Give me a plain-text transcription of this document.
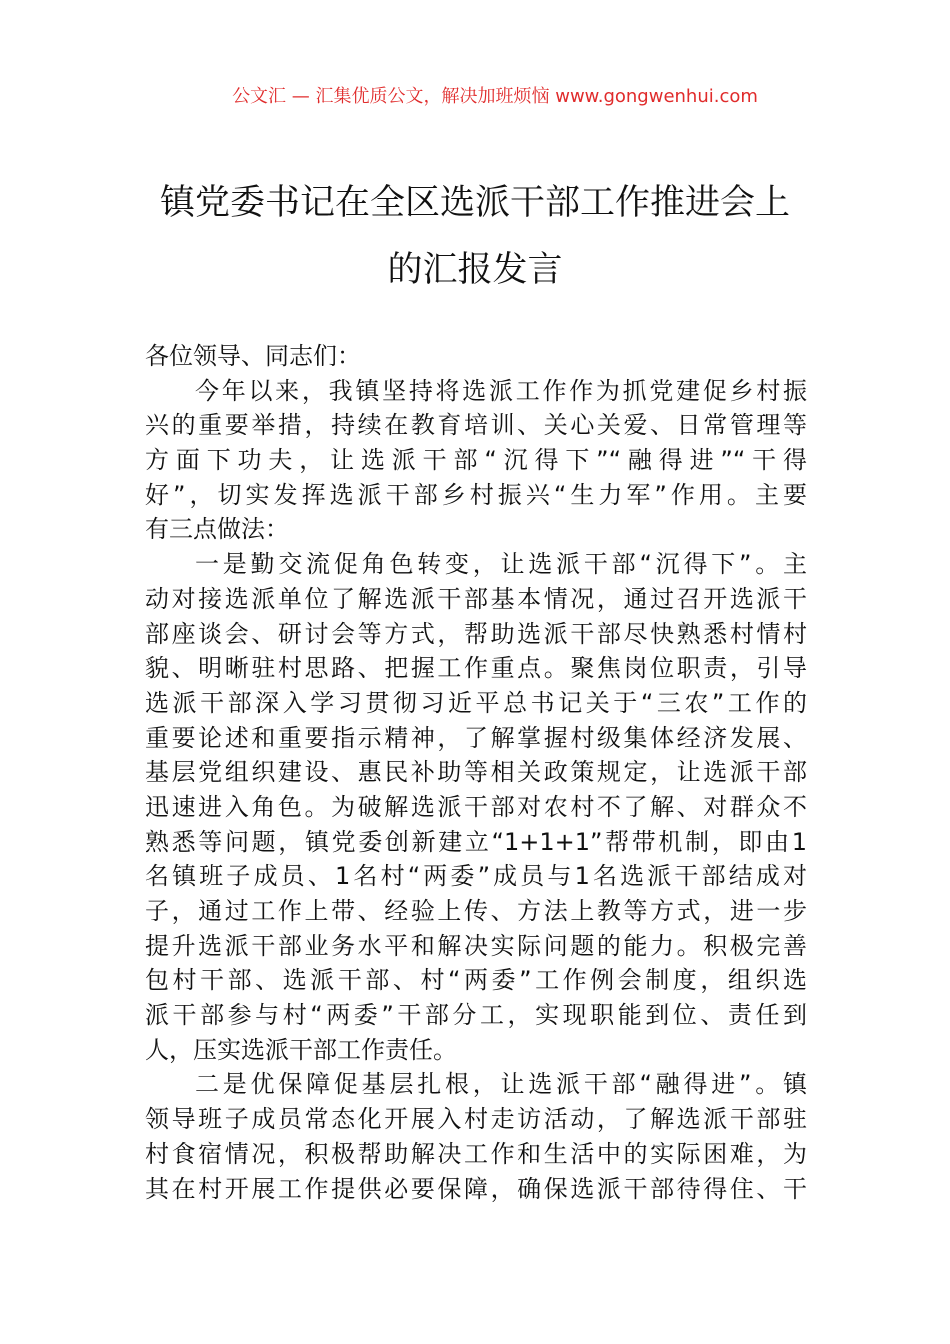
公文汇 — 汇集优质公文，解决加班烦恼 www.gongwenhui.com
镇党委书记在全区选派干部工作推进会上
的汇报发言
各位领导、同志们：
今年以来，我镇坚持将选派工作作为抓党建促乡村振
兴的重要举措，持续在教育培训、关心关爱、日常管理等
方面下功夫，让选派干部“沉得下”“融得进”“干得
好”，切实发挥选派干部乡村振兴“生力军”作用。主要
有三点做法：
一是勤交流促角色转变，让选派干部“沉得下”。主
动对接选派单位了解选派干部基本情况，通过召开选派干
部座谈会、研讨会等方式，帮助选派干部尽快熟悉村情村
貌、明晰驻村思路、把握工作重点。聚焦岗位职责，引导
选派干部深入学习贯彻习近平总书记关于“三农”工作的
重要论述和重要指示精神，了解掌握村级集体经济发展、
基层党组织建设、惠民补助等相关政策规定，让选派干部
迅速进入角色。为破解选派干部对农村不了解、对群众不
熟悉等问题，镇党委创新建立“1+1+1”帮带机制，即由1
名镇班子成员、1名村“两委”成员与1名选派干部结成对
子，通过工作上带、经验上传、方法上教等方式，进一步
提升选派干部业务水平和解决实际问题的能力。积极完善
包村干部、选派干部、村“两委”工作例会制度，组织选
派干部参与村“两委”干部分工，实现职能到位、责任到
人，压实选派干部工作责任。
二是优保障促基层扎根，让选派干部“融得进”。镇
领导班子成员常态化开展入村走访活动，了解选派干部驻
村食宿情况，积极帮助解决工作和生活中的实际困难，为
其在村开展工作提供必要保障，确保选派干部待得住、干
